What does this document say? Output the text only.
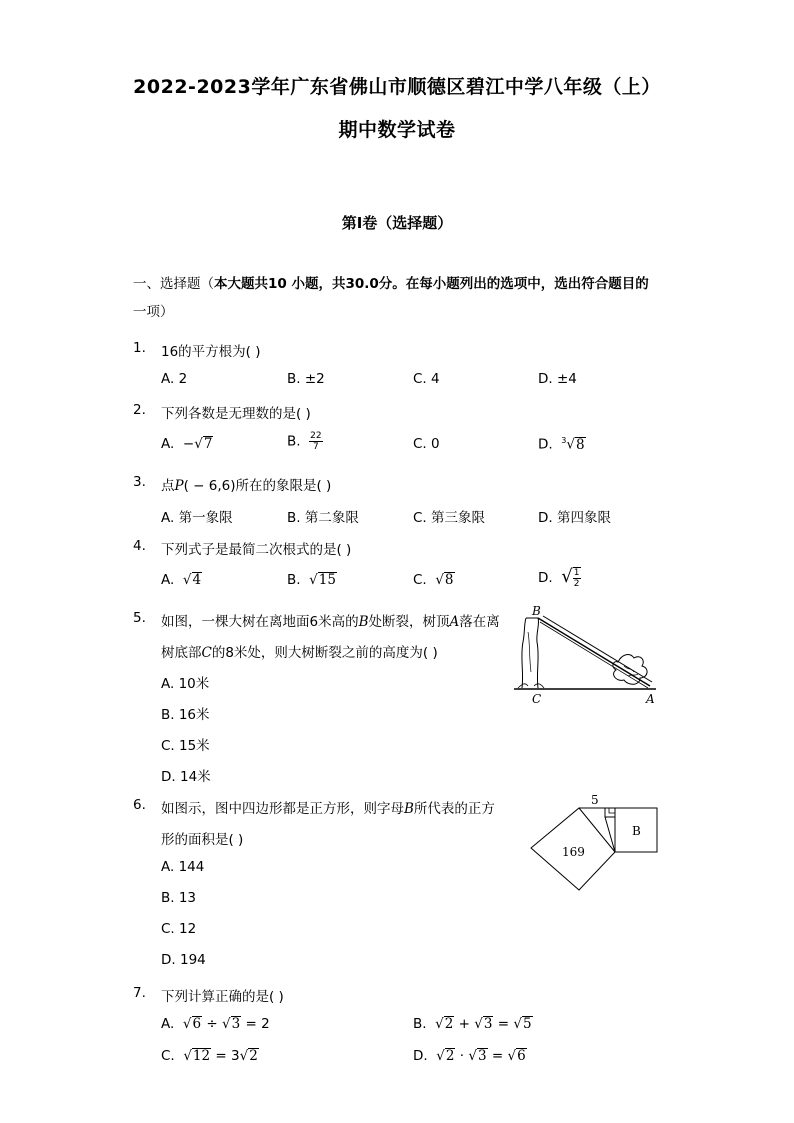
2022-2023学年广东省佛山市顺德区碧江中学八年级（上）
期中数学试卷
第I卷（选择题）
一、选择题（本大题共10 小题，共30.0分。在每小题列出的选项中，选出符合题目的
一项）
1. 16的平方根为( )
A. 2	B. ±2	C. 4	D. ±4
2. 下列各数是无理数的是( )
A. −√7	B. $\frac{22}{7}$	C. 0	D. $^3$√8
3. 点P( − 6,6)所在的象限是( )
A. 第一象限	B. 第二象限	C. 第三象限	D. 第四象限
4. 下列式子是最简二次根式的是( )
A. √4	B. √15	C. √8	D. √ $\frac{1}{2}$
5. 如图，一棵大树在离地面6米高的B处断裂，树顶A落在离
树底部C的8米处，则大树断裂之前的高度为( )
A. 10米
B. 16米
C. 15米
D. 14米
B
C	A
6. 如图示，图中四边形都是正方形，则字母B所代表的正方
形的面积是( )
A. 144
B. 13
C. 12
D. 194
5
169
B
7. 下列计算正确的是( )
A. √6 ÷ √3 = 2	B. √2 + √3 = √5
C. √12 = 3√2	D. √2 · √3 = √6
